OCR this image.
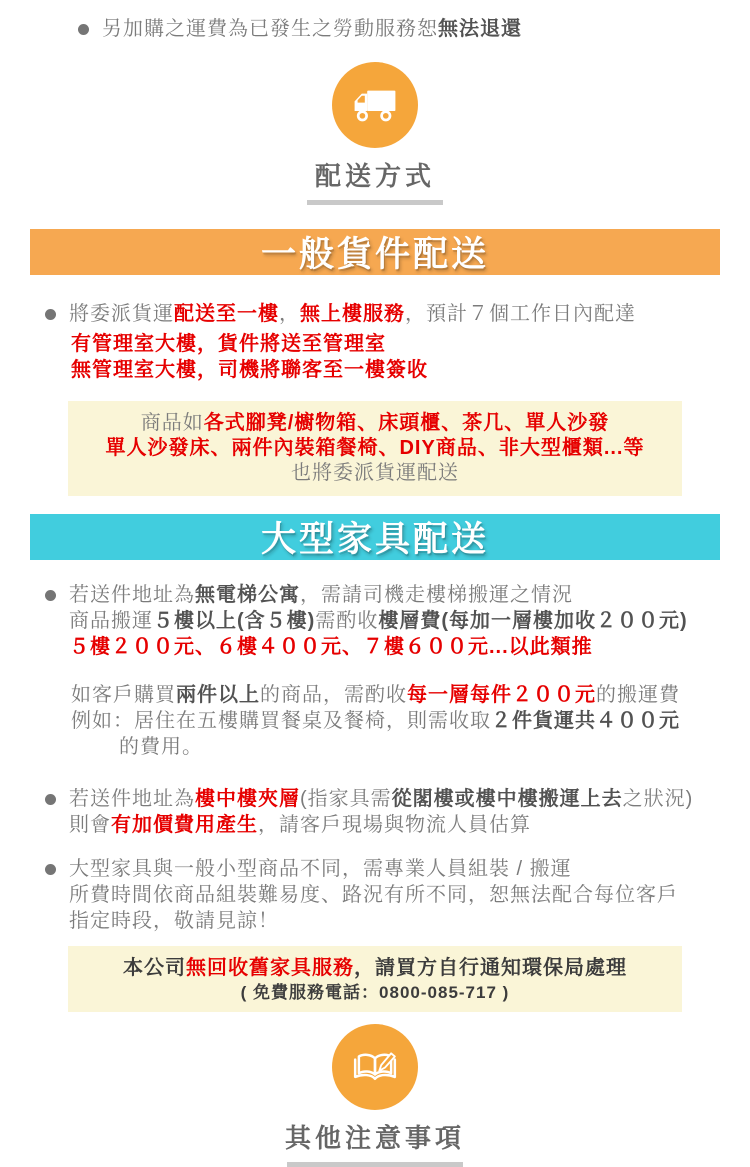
另加購之運費為已發生之勞動服務恕無法退還

配送方式
一般貨件配送

將委派貨運配送至一樓，無上樓服務，預計７個工作日內配達

有管理室大樓，貨件將送至管理室

無管理室大樓，司機將聯客至一樓簽收

商品如各式腳凳/櫥物箱、床頭櫃、茶几、單人沙發

單人沙發床、兩件內裝箱餐椅、DIY商品、非大型櫃類...等

也將委派貨運配送

大型家具配送

若送件地址為無電梯公寓，需請司機走樓梯搬運之情況

商品搬運５樓以上(含５樓)需酌收樓層費(每加一層樓加收２００元)

５樓２００元、６樓４００元、７樓６００元...以此類推

如客戶購買兩件以上的商品，需酌收每一層每件２００元的搬運費

例如：居住在五樓購買餐桌及餐椅，則需收取２件貨運共４００元

的費用。

若送件地址為樓中樓夾層(指家具需從閣樓或樓中樓搬運上去之狀況)

則會有加價費用產生，請客戶現場與物流人員估算

大型家具與一般小型商品不同，需專業人員組裝 / 搬運

所費時間依商品組裝難易度、路況有所不同，恕無法配合每位客戶

指定時段，敬請見諒！

本公司無回收舊家具服務，請買方自行通知環保局處理

( 免費服務電話：0800-085-717 )

其他注意事項
